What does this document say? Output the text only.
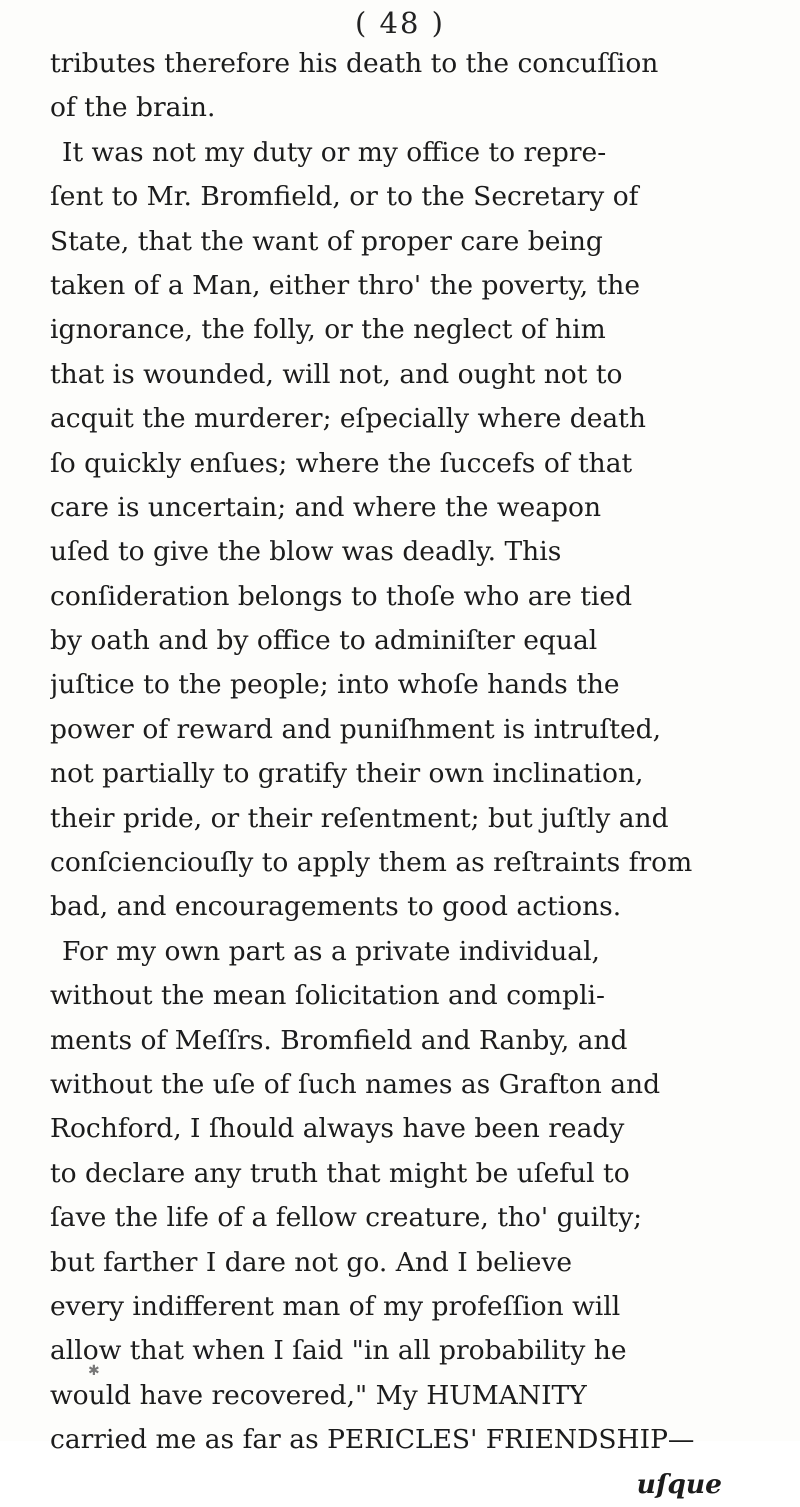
( 48 )
tributes therefore his death to the concuſſion
of the brain.
It was not my duty or my office to repre-
ſent to Mr. Bromfield, or to the Secretary of
State, that the want of proper care being
taken of a Man, either thro' the poverty, the
ignorance, the folly, or the neglect of him
that is wounded, will not, and ought not to
acquit the murderer; eſpecially where death
ſo quickly enſues; where the ſuccefs of that
care is uncertain; and where the weapon
uſed to give the blow was deadly. This
conſideration belongs to thoſe who are tied
by oath and by office to adminiſter equal
juſtice to the people; into whoſe hands the
power of reward and puniſhment is intruſted,
not partially to gratify their own inclination,
their pride, or their reſentment; but juſtly and
conſcienciouſly to apply them as reſtraints from
bad, and encouragements to good actions.
For my own part as a private individual,
without the mean ſolicitation and compli-
ments of Meſſrs. Bromfield and Ranby, and
without the uſe of ſuch names as Grafton and
Rochford, I ſhould always have been ready
to declare any truth that might be uſeful to
ſave the life of a fellow creature, tho' guilty;
but farther I dare not go. And I believe
every indifferent man of my profeſſion will
allow that when I ſaid "in all probability he
would have recovered," My HUMANITY
carried me as far as PERICLES' FRIENDSHIP—
uſque
✱
